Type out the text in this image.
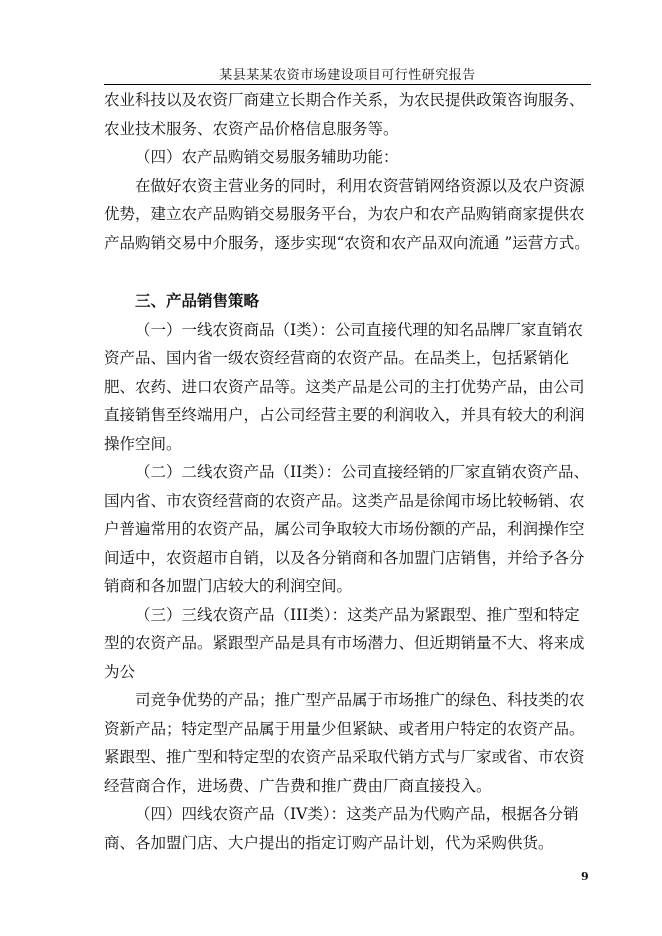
某县某某农资市场建设项目可行性研究报告

农业科技以及农资厂商建立长期合作关系，为农民提供政策咨询服务、农业技术服务、农资产品价格信息服务等。

（四）农产品购销交易服务辅助功能：

在做好农资主营业务的同时，利用农资营销网络资源以及农户资源优势，建立农产品购销交易服务平台，为农户和农产品购销商家提供农产品购销交易中介服务，逐步实现“农资和农产品双向流通 ”运营方式。

三、产品销售策略

（一）一线农资商品（I类）：公司直接代理的知名品牌厂家直销农资产品、国内省一级农资经营商的农资产品。在品类上，包括紧销化肥、农药、进口农资产品等。这类产品是公司的主打优势产品，由公司直接销售至终端用户，占公司经营主要的利润收入，并具有较大的利润操作空间。

（二）二线农资产品（II类）：公司直接经销的厂家直销农资产品、国内省、市农资经营商的农资产品。这类产品是徐闻市场比较畅销、农户普遍常用的农资产品，属公司争取较大市场份额的产品，利润操作空间适中，农资超市自销，以及各分销商和各加盟门店销售，并给予各分销商和各加盟门店较大的利润空间。

（三）三线农资产品（III类）：这类产品为紧跟型、推广型和特定型的农资产品。紧跟型产品是具有市场潜力、但近期销量不大、将来成为公

司竞争优势的产品；推广型产品属于市场推广的绿色、科技类的农资新产品；特定型产品属于用量少但紧缺、或者用户特定的农资产品。紧跟型、推广型和特定型的农资产品采取代销方式与厂家或省、市农资经营商合作，进场费、广告费和推广费由厂商直接投入。

（四）四线农资产品（IV类）：这类产品为代购产品，根据各分销商、各加盟门店、大户提出的指定订购产品计划，代为采购供货。

9
